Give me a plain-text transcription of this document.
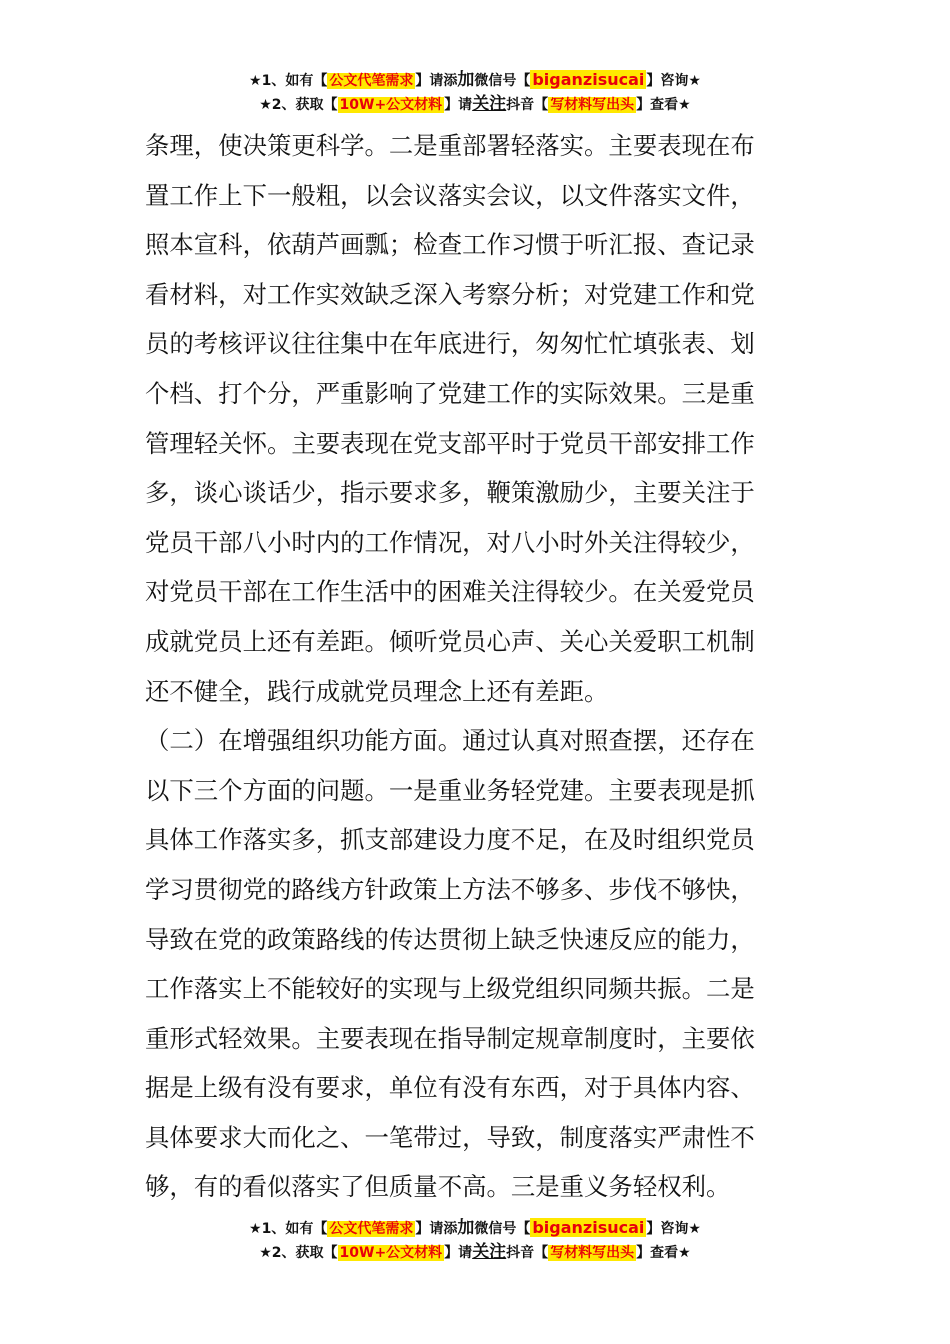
★1、如有【 公文代笔需求 】请添加微信号【 biganzisucai 】咨询★
★2、获取【 10W+公文材料 】请关注抖音【 写材料写出头 】查看★
条理，使决策更科学。二是重部署轻落实。主要表现在布
置工作上下一般粗，以会议落实会议，以文件落实文件，
照本宣科，依葫芦画瓢；检查工作习惯于听汇报、查记录
看材料，对工作实效缺乏深入考察分析；对党建工作和党
员的考核评议往往集中在年底进行，匆匆忙忙填张表、划
个档、打个分，严重影响了党建工作的实际效果。三是重
管理轻关怀。主要表现在党支部平时于党员干部安排工作
多，谈心谈话少，指示要求多，鞭策激励少，主要关注于
党员干部八小时内的工作情况，对八小时外关注得较少，
对党员干部在工作生活中的困难关注得较少。在关爱党员
成就党员上还有差距。倾听党员心声、关心关爱职工机制
还不健全，践行成就党员理念上还有差距。
（二）在增强组织功能方面。通过认真对照查摆，还存在
以下三个方面的问题。一是重业务轻党建。主要表现是抓
具体工作落实多，抓支部建设力度不足，在及时组织党员
学习贯彻党的路线方针政策上方法不够多、步伐不够快，
导致在党的政策路线的传达贯彻上缺乏快速反应的能力，
工作落实上不能较好的实现与上级党组织同频共振。二是
重形式轻效果。主要表现在指导制定规章制度时，主要依
据是上级有没有要求，单位有没有东西，对于具体内容、
具体要求大而化之、一笔带过，导致，制度落实严肃性不
够，有的看似落实了但质量不高。三是重义务轻权利。
★1、如有【 公文代笔需求 】请添加微信号【 biganzisucai 】咨询★
★2、获取【 10W+公文材料 】请关注抖音【 写材料写出头 】查看★
